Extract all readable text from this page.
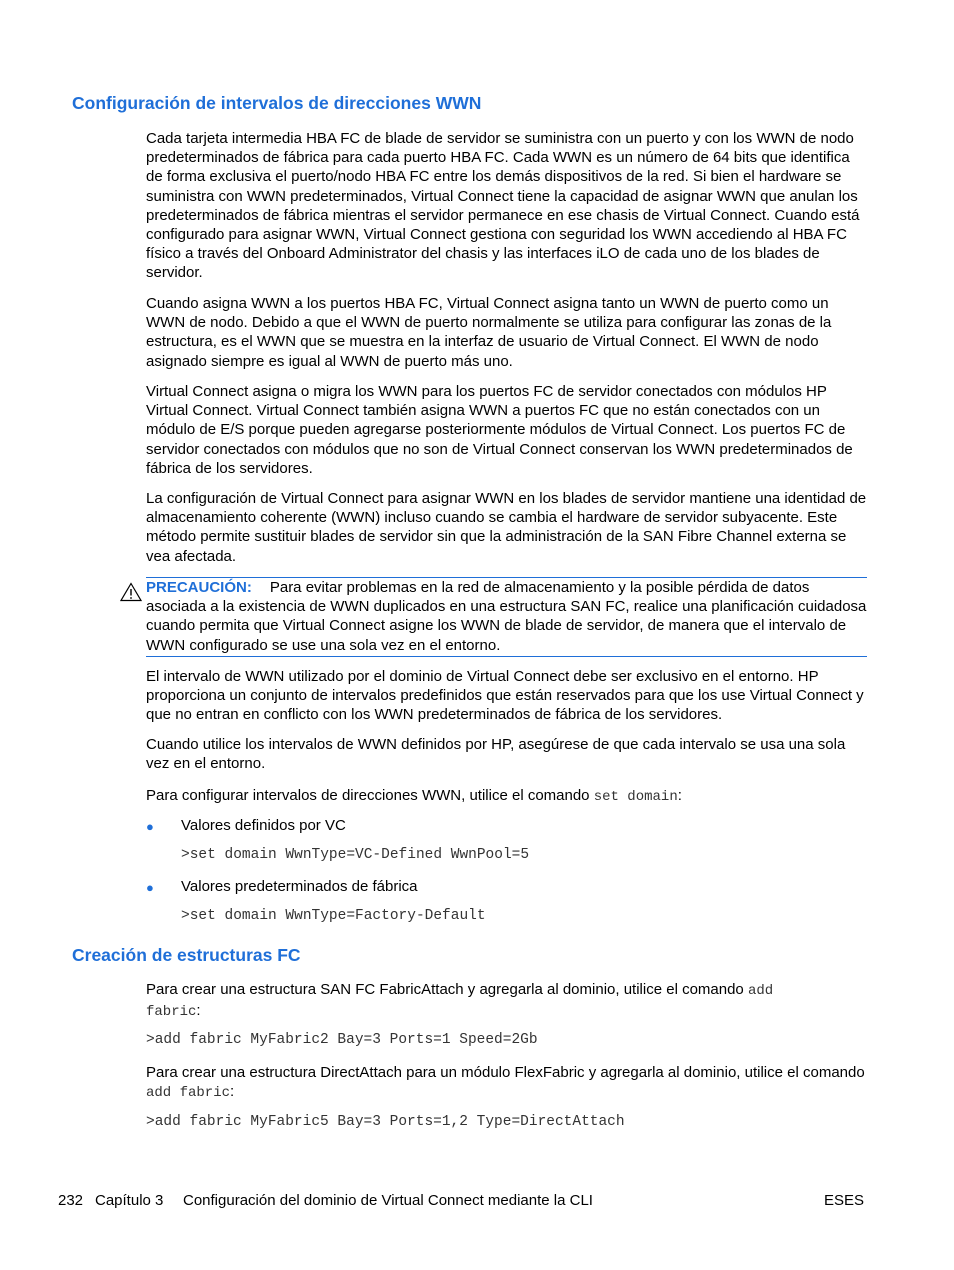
Configuración de intervalos de direcciones WWN

Cada tarjeta intermedia HBA FC de blade de servidor se suministra con un puerto y con los WWN de nodo predeterminados de fábrica para cada puerto HBA FC. Cada WWN es un número de 64 bits que identifica de forma exclusiva el puerto/nodo HBA FC entre los demás dispositivos de la red. Si bien el hardware se suministra con WWN predeterminados, Virtual Connect tiene la capacidad de asignar WWN que anulan los predeterminados de fábrica mientras el servidor permanece en ese chasis de Virtual Connect. Cuando está configurado para asignar WWN, Virtual Connect gestiona con seguridad los WWN accediendo al HBA FC físico a través del Onboard Administrator del chasis y las interfaces iLO de cada uno de los blades de servidor.

Cuando asigna WWN a los puertos HBA FC, Virtual Connect asigna tanto un WWN de puerto como un WWN de nodo. Debido a que el WWN de puerto normalmente se utiliza para configurar las zonas de la estructura, es el WWN que se muestra en la interfaz de usuario de Virtual Connect. El WWN de nodo asignado siempre es igual al WWN de puerto más uno.

Virtual Connect asigna o migra los WWN para los puertos FC de servidor conectados con módulos HP Virtual Connect. Virtual Connect también asigna WWN a puertos FC que no están conectados con un módulo de E/S porque pueden agregarse posteriormente módulos de Virtual Connect. Los puertos FC de servidor conectados con módulos que no son de Virtual Connect conservan los WWN predeterminados de fábrica de los servidores.

La configuración de Virtual Connect para asignar WWN en los blades de servidor mantiene una identidad de almacenamiento coherente (WWN) incluso cuando se cambia el hardware de servidor subyacente. Este método permite sustituir blades de servidor sin que la administración de la SAN Fibre Channel externa se vea afectada.

PRECAUCIÓN: Para evitar problemas en la red de almacenamiento y la posible pérdida de datos asociada a la existencia de WWN duplicados en una estructura SAN FC, realice una planificación cuidadosa cuando permita que Virtual Connect asigne los WWN de blade de servidor, de manera que el intervalo de WWN configurado se use una sola vez en el entorno.

El intervalo de WWN utilizado por el dominio de Virtual Connect debe ser exclusivo en el entorno. HP proporciona un conjunto de intervalos predefinidos que están reservados para que los use Virtual Connect y que no entran en conflicto con los WWN predeterminados de fábrica de los servidores.

Cuando utilice los intervalos de WWN definidos por HP, asegúrese de que cada intervalo se usa una sola vez en el entorno.

Para configurar intervalos de direcciones WWN, utilice el comando set domain:

● Valores definidos por VC
>set domain WwnType=VC-Defined WwnPool=5
● Valores predeterminados de fábrica
>set domain WwnType=Factory-Default
Creación de estructuras FC

Para crear una estructura SAN FC FabricAttach y agregarla al dominio, utilice el comando add
fabric:

>add fabric MyFabric2 Bay=3 Ports=1 Speed=2Gb

Para crear una estructura DirectAttach para un módulo FlexFabric y agregarla al dominio, utilice el comando add fabric:

>add fabric MyFabric5 Bay=3 Ports=1,2 Type=DirectAttach
232 Capítulo 3 Configuración del dominio de Virtual Connect mediante la CLI	ESES
